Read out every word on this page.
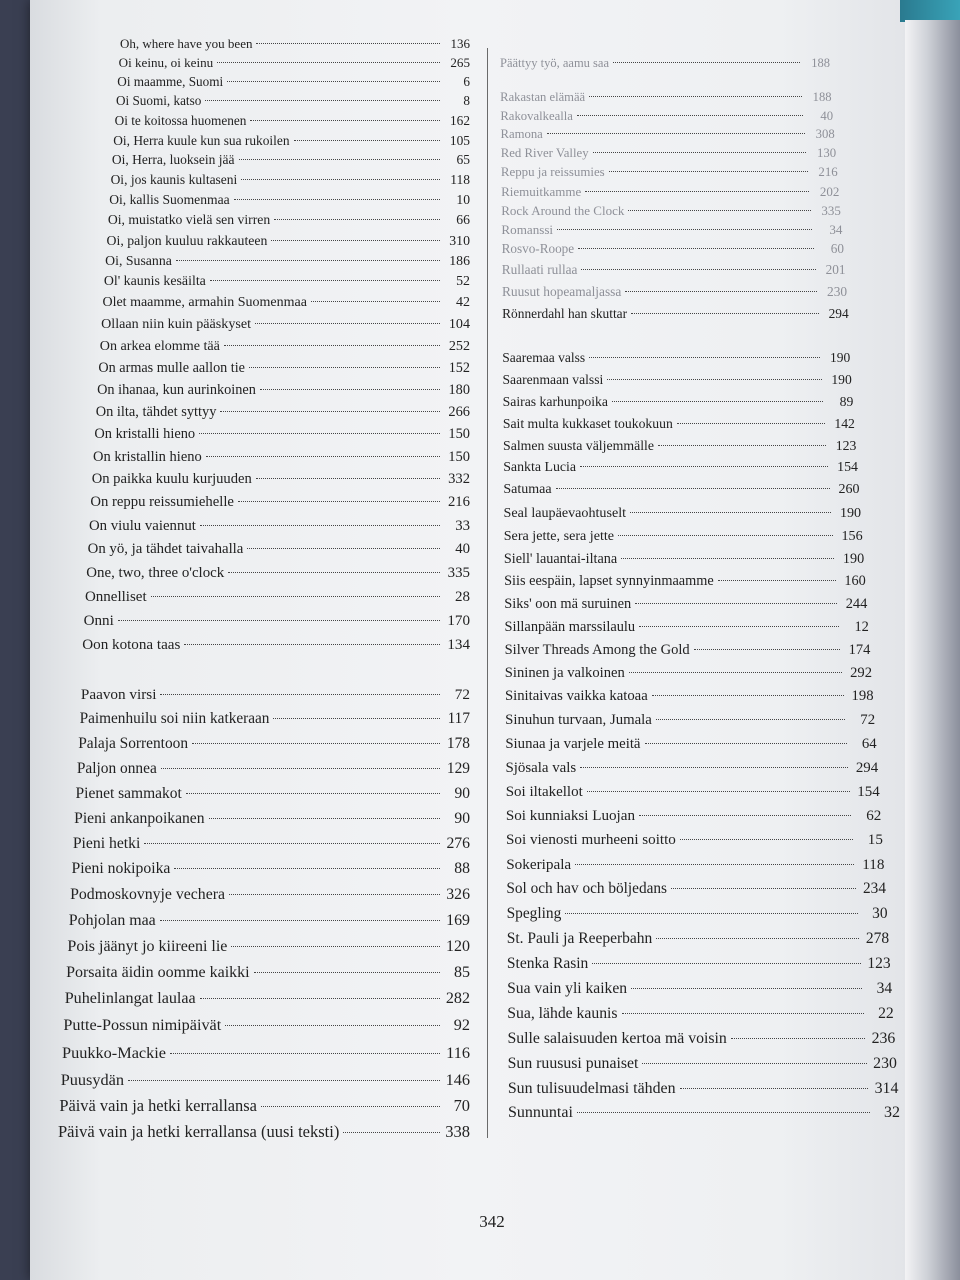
Oh, where have you been	136
Oi keinu, oi keinu	265
Oi maamme, Suomi	6
Oi Suomi, katso	8
Oi te koitossa huomenen	162
Oi, Herra kuule kun sua rukoilen	105
Oi, Herra, luoksein jää	65
Oi, jos kaunis kultaseni	118
Oi, kallis Suomenmaa	10
Oi, muistatko vielä sen virren	66
Oi, paljon kuuluu rakkauteen	310
Oi, Susanna	186
Ol' kaunis kesäilta	52
Olet maamme, armahin Suomenmaa	42
Ollaan niin kuin pääskyset	104
On arkea elomme tää	252
On armas mulle aallon tie	152
On ihanaa, kun aurinkoinen	180
On ilta, tähdet syttyy	266
On kristalli hieno	150
On kristallin hieno	150
On paikka kuulu kurjuuden	332
On reppu reissumiehelle	216
On viulu vaiennut	33
On yö, ja tähdet taivahalla	40
One, two, three o'clock	335
Onnelliset	28
Onni	170
Oon kotona taas	134
Paavon virsi	72
Paimenhuilu soi niin katkeraan	117
Palaja Sorrentoon	178
Paljon onnea	129
Pienet sammakot	90
Pieni ankanpoikanen	90
Pieni hetki	276
Pieni nokipoika	88
Podmoskovnyje vechera	326
Pohjolan maa	169
Pois jäänyt jo kiireeni lie	120
Porsaita äidin oomme kaikki	85
Puhelinlangat laulaa	282
Putte-Possun nimipäivät	92
Puukko-Mackie	116
Puusydän	146
Päivä vain ja hetki kerrallansa	70
Päivä vain ja hetki kerrallansa (uusi teksti)	338
Päättyy työ, aamu saa	188
Rakastan elämää	188
Rakovalkealla	40
Ramona	308
Red River Valley	130
Reppu ja reissumies	216
Riemuitkamme	202
Rock Around the Clock	335
Romanssi	34
Rosvo-Roope	60
Rullaati rullaa	201
Ruusut hopeamaljassa	230
Rönnerdahl han skuttar	294
Saaremaa valss	190
Saarenmaan valssi	190
Sairas karhunpoika	89
Sait multa kukkaset toukokuun	142
Salmen suusta väljemmälle	123
Sankta Lucia	154
Satumaa	260
Seal laupäevaohtuselt	190
Sera jette, sera jette	156
Siell' lauantai-iltana	190
Siis eespäin, lapset synnyinmaamme	160
Siks' oon mä suruinen	244
Sillanpään marssilaulu	12
Silver Threads Among the Gold	174
Sininen ja valkoinen	292
Sinitaivas vaikka katoaa	198
Sinuhun turvaan, Jumala	72
Siunaa ja varjele meitä	64
Sjösala vals	294
Soi iltakellot	154
Soi kunniaksi Luojan	62
Soi vienosti murheeni soitto	15
Sokeripala	118
Sol och hav och böljedans	234
Spegling	30
St. Pauli ja Reeperbahn	278
Stenka Rasin	123
Sua vain yli kaiken	34
Sua, lähde kaunis	22
Sulle salaisuuden kertoa mä voisin	236
Sun ruususi punaiset	230
Sun tulisuudelmasi tähden	314
Sunnuntai	32
342
